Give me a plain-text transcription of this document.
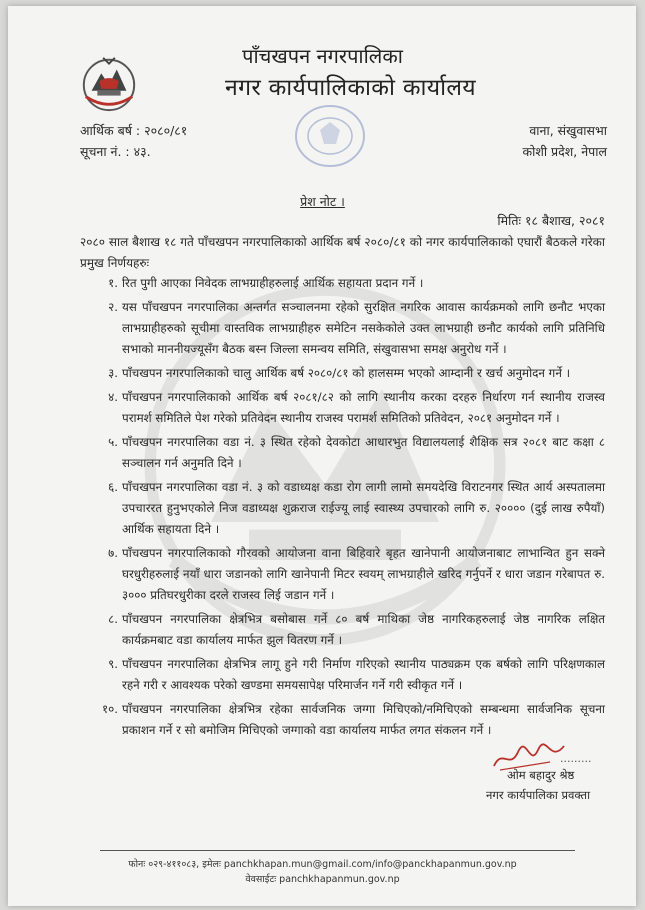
पाँचखपन नगरपालिका
नगर कार्यपालिकाको कार्यालय
आर्थिक बर्ष : २०८०/८१
सूचना नं. : ४३.
वाना, संखुवासभा
कोशी प्रदेश, नेपाल
प्रेश नोट ।
मितिः १८ बैशाख, २०८१
२०८० साल बैशाख १८ गते पाँचखपन नगरपालिकाको आर्थिक बर्ष २०८०/८१ को नगर कार्यपालिकाको एघारौं बैठकले गरेका प्रमुख निर्णयहरुः
१. रित पुगी आएका निवेदक लाभग्राहीहरुलाई आर्थिक सहायता प्रदान गर्ने ।
२. यस पाँचखपन नगरपालिका अन्तर्गत सञ्चालनमा रहेको सुरक्षित नगरिक आवास कार्यक्रमको लागि छनौट भएका लाभग्राहीहरुको सूचीमा वास्तविक लाभग्राहीहरु समेटिन नसकेकोले उक्त लाभग्राही छनौट कार्यको लागि प्रतिनिधि सभाको माननीयज्यूसँग बैठक बस्न जिल्ला समन्वय समिति, संखुवासभा समक्ष अनुरोध गर्ने ।
३. पाँचखपन नगरपालिकाको चालु आर्थिक बर्ष २०८०/८१ को हालसम्म भएको आम्दानी र खर्च अनुमोदन गर्ने ।
४. पाँचखपन नगरपालिकाको आर्थिक बर्ष २०८१/८२ को लागि स्थानीय करका दरहरु निर्धारण गर्न स्थानीय राजस्व परामर्श समितिले पेश गरेको प्रतिवेदन स्थानीय राजस्व परामर्श समितिको प्रतिवेदन, २०८१ अनुमोदन गर्ने ।
५. पाँचखपन नगरपालिका वडा नं. ३ स्थित रहेको देवकोटा आधारभुत विद्यालयलाई शैक्षिक सत्र २०८१ बाट कक्षा ८ सञ्चालन गर्न अनुमति दिने ।
६. पाँचखपन नगरपालिका वडा नं. ३ को वडाध्यक्ष कडा रोग लागी लामो समयदेखि विराटनगर स्थित आर्य अस्पतालमा उपचाररत हुनुभएकोले निज वडाध्यक्ष शुक्रराज राईज्यू लाई स्वास्थ्य उपचारको लागि रु. २०००० (दुई लाख रुपैयाँ) आर्थिक सहायता दिने ।
७. पाँचखपन नगरपालिकाको गौरवको आयोजना वाना बिहिवारे बृहत खानेपानी आयोजनाबाट लाभान्वित हुन सक्ने घरधुरीहरुलाई नयाँ धारा जडानको लागि खानेपानी मिटर स्वयम् लाभग्राहीले खरिद गर्नुपर्ने र धारा जडान गरेबापत रु. ३००० प्रतिघरधुरीका दरले राजस्व लिई जडान गर्ने ।
८. पाँचखपन नगरपालिका क्षेत्रभित्र बसोबास गर्ने ८० बर्ष माथिका जेष्ठ नागरिकहरुलाई जेष्ठ नागरिक लक्षित कार्यक्रमबाट वडा कार्यालय मार्फत झुल वितरण गर्ने ।
९. पाँचखपन नगरपालिका क्षेत्रभित्र लागू हुने गरी निर्माण गरिएको स्थानीय पाठ्यक्रम एक बर्षको लागि परिक्षणकाल रहने गरी र आवश्यक परेको खण्डमा समयसापेक्ष परिमार्जन गर्ने गरी स्वीकृत गर्ने ।
१०. पाँचखपन नगरपालिका क्षेत्रभित्र रहेका सार्वजनिक जग्गा मिचिएको/नमिचिएको सम्बन्धमा सार्वजनिक सूचना प्रकाशन गर्ने र सो बमोजिम मिचिएको जग्गाको वडा कार्यालय मार्फत लगत संकलन गर्ने ।
.........
ओम बहादुर श्रेष्ठ
नगर कार्यपालिका प्रवक्ता
फोनः ०२९-४११०८३, इमेलः panchkhapan.mun@gmail.com/info@panckhapanmun.gov.np
वेवसाईटः panchkhapanmun.gov.np
